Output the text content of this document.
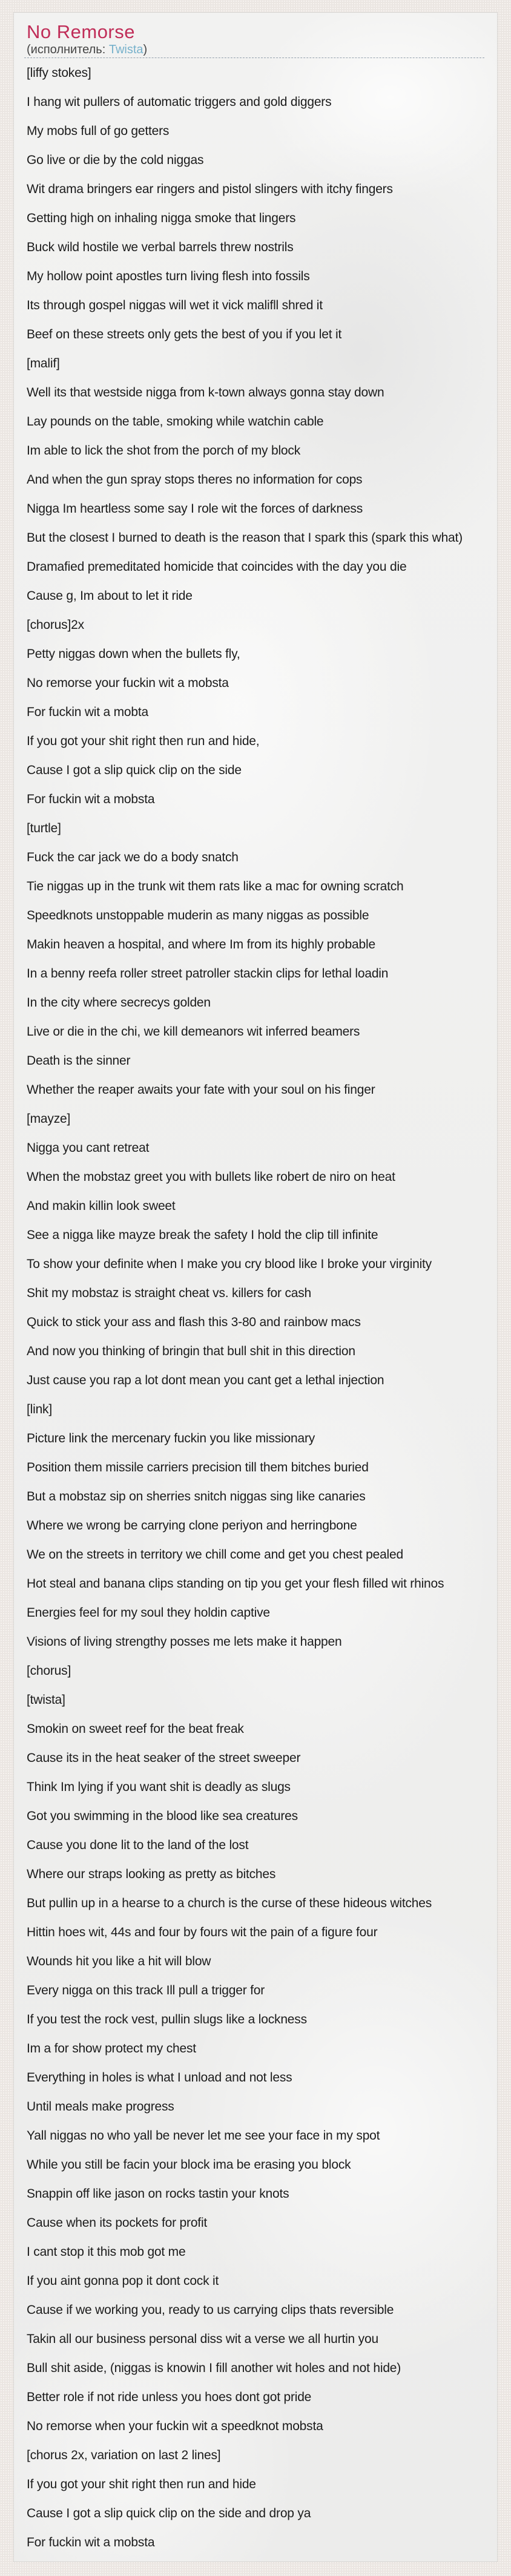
No Remorse
(исполнитель: Twista)
[liffy stokes]
I hang wit pullers of automatic triggers and gold diggers
My mobs full of go getters
Go live or die by the cold niggas
Wit drama bringers ear ringers and pistol slingers with itchy fingers
Getting high on inhaling nigga smoke that lingers
Buck wild hostile we verbal barrels threw nostrils
My hollow point apostles turn living flesh into fossils
Its through gospel niggas will wet it vick malifll shred it
Beef on these streets only gets the best of you if you let it
[malif]
Well its that westside nigga from k-town always gonna stay down
Lay pounds on the table, smoking while watchin cable
Im able to lick the shot from the porch of my block
And when the gun spray stops theres no information for cops
Nigga Im heartless some say I role wit the forces of darkness
But the closest I burned to death is the reason that I spark this (spark this what)
Dramafied premeditated homicide that coincides with the day you die
Cause g, Im about to let it ride
[chorus]2x
Petty niggas down when the bullets fly,
No remorse your fuckin wit a mobsta
For fuckin wit a mobta
If you got your shit right then run and hide,
Cause I got a slip quick clip on the side
For fuckin wit a mobsta
[turtle]
Fuck the car jack we do a body snatch
Tie niggas up in the trunk wit them rats like a mac for owning scratch
Speedknots unstoppable muderin as many niggas as possible
Makin heaven a hospital, and where Im from its highly probable
In a benny reefa roller street patroller stackin clips for lethal loadin
In the city where secrecys golden
Live or die in the chi, we kill demeanors wit inferred beamers
Death is the sinner
Whether the reaper awaits your fate with your soul on his finger
[mayze]
Nigga you cant retreat
When the mobstaz greet you with bullets like robert de niro on heat
And makin killin look sweet
See a nigga like mayze break the safety I hold the clip till infinite
To show your definite when I make you cry blood like I broke your virginity
Shit my mobstaz is straight cheat vs. killers for cash
Quick to stick your ass and flash this 3-80 and rainbow macs
And now you thinking of bringin that bull shit in this direction
Just cause you rap a lot dont mean you cant get a lethal injection
[link]
Picture link the mercenary fuckin you like missionary
Position them missile carriers precision till them bitches buried
But a mobstaz sip on sherries snitch niggas sing like canaries
Where we wrong be carrying clone periyon and herringbone
We on the streets in territory we chill come and get you chest pealed
Hot steal and banana clips standing on tip you get your flesh filled wit rhinos
Energies feel for my soul they holdin captive
Visions of living strengthy posses me lets make it happen
[chorus]
[twista]
Smokin on sweet reef for the beat freak
Cause its in the heat seaker of the street sweeper
Think Im lying if you want shit is deadly as slugs
Got you swimming in the blood like sea creatures
Cause you done lit to the land of the lost
Where our straps looking as pretty as bitches
But pullin up in a hearse to a church is the curse of these hideous witches
Hittin hoes wit, 44s and four by fours wit the pain of a figure four
Wounds hit you like a hit will blow
Every nigga on this track Ill pull a trigger for
If you test the rock vest, pullin slugs like a lockness
Im a for show protect my chest
Everything in holes is what I unload and not less
Until meals make progress
Yall niggas no who yall be never let me see your face in my spot
While you still be facin your block ima be erasing you block
Snappin off like jason on rocks tastin your knots
Cause when its pockets for profit
I cant stop it this mob got me
If you aint gonna pop it dont cock it
Cause if we working you, ready to us carrying clips thats reversible
Takin all our business personal diss wit a verse we all hurtin you
Bull shit aside, (niggas is knowin I fill another wit holes and not hide)
Better role if not ride unless you hoes dont got pride
No remorse when your fuckin wit a speedknot mobsta
[chorus 2x, variation on last 2 lines]
If you got your shit right then run and hide
Cause I got a slip quick clip on the side and drop ya
For fuckin wit a mobsta
